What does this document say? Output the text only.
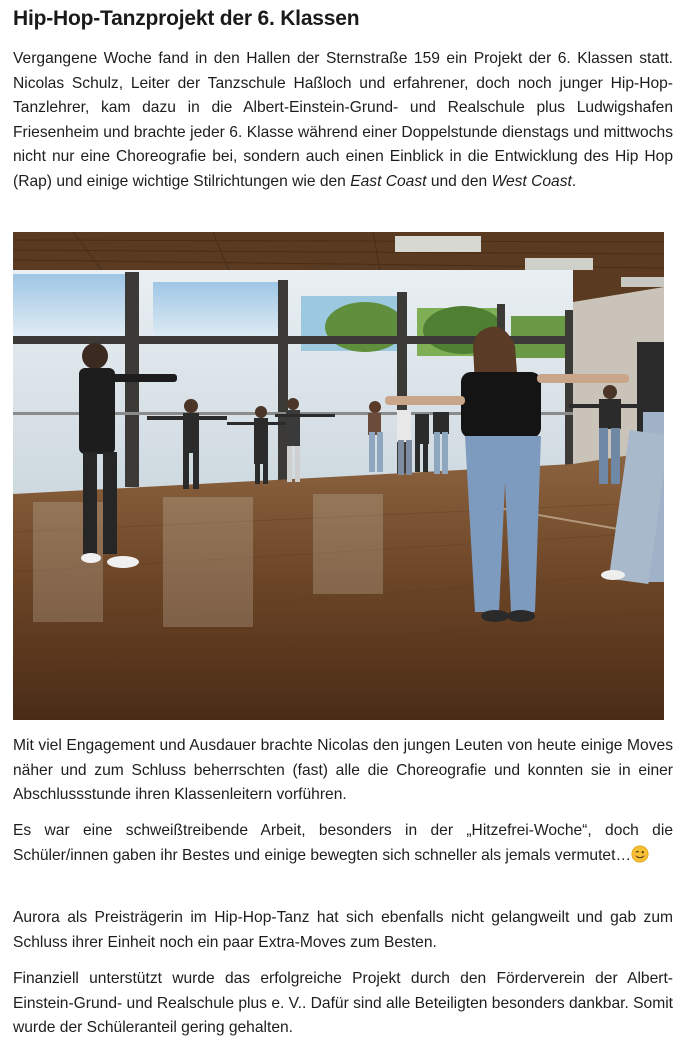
Hip-Hop-Tanzprojekt der 6. Klassen

Vergangene Woche fand in den Hallen der Sternstraße 159 ein Projekt der 6. Klassen statt. Nicolas Schulz, Leiter der Tanzschule Haßloch und erfahrener, doch noch junger Hip-Hop-Tanzlehrer, kam dazu in die Albert-Einstein-Grund- und Realschule plus Ludwigshafen Friesenheim und brachte jeder 6. Klasse während einer Doppelstunde dienstags und mittwochs nicht nur eine Choreografie bei, sondern auch einen Einblick in die Entwicklung des Hip Hop (Rap) und einige wichtige Stilrichtungen wie den East Coast und den West Coast.

Mit viel Engagement und Ausdauer brachte Nicolas den jungen Leuten von heute einige Moves näher und zum Schluss beherrschten (fast) alle die Choreografie und konnten sie in einer Abschlussstunde ihren Klassenleitern vorführen.

Es war eine schweißtreibende Arbeit, besonders in der „Hitzefrei-Woche“, doch die Schüler/innen gaben ihr Bestes und einige bewegten sich schneller als jemals vermutet…

Aurora als Preisträgerin im Hip-Hop-Tanz hat sich ebenfalls nicht gelangweilt und gab zum Schluss ihrer Einheit noch ein paar Extra-Moves zum Besten.

Finanziell unterstützt wurde das erfolgreiche Projekt durch den Förderverein der Albert-Einstein-Grund- und Realschule plus e. V.. Dafür sind alle Beteiligten besonders dankbar. Somit wurde der Schüleranteil gering gehalten.
